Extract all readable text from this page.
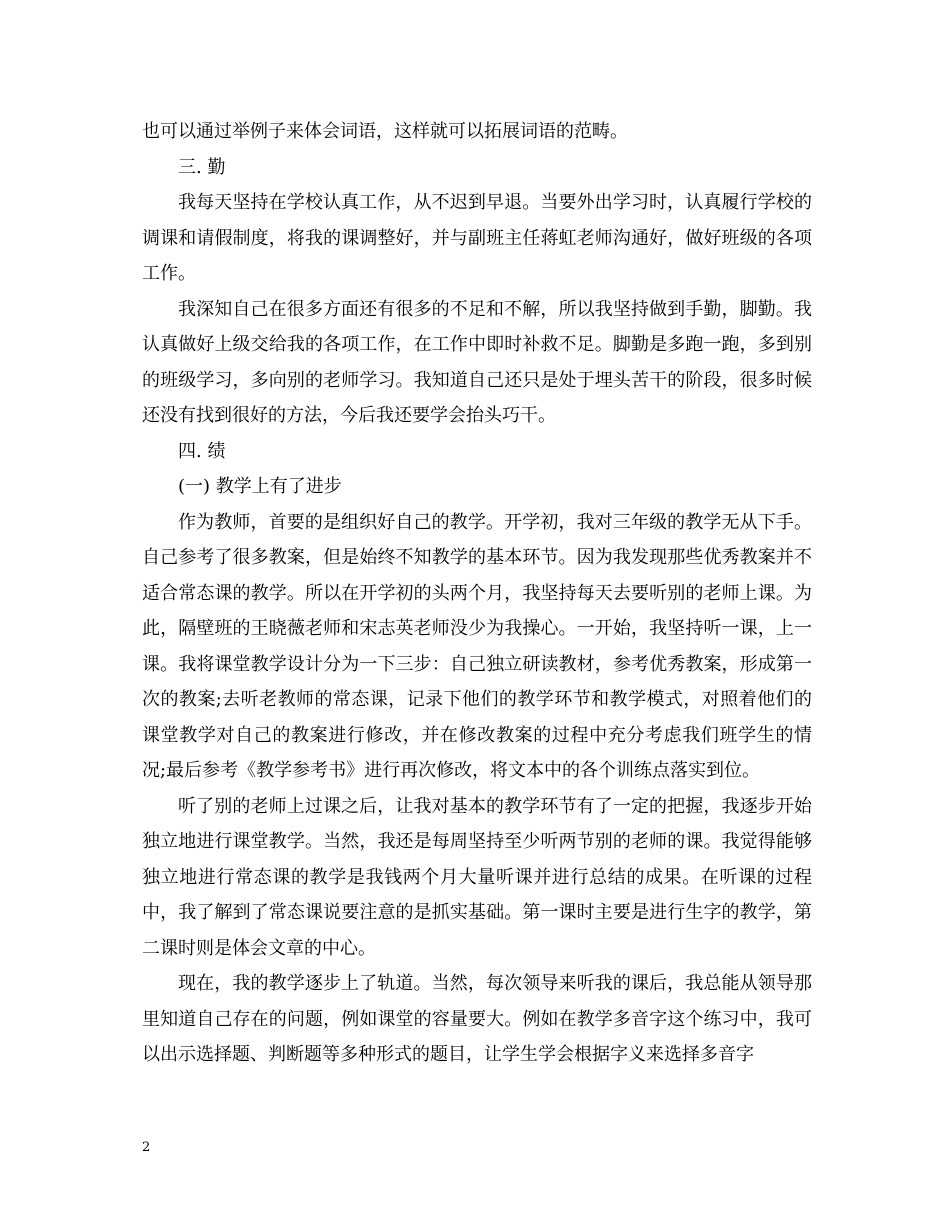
也可以通过举例子来体会词语，这样就可以拓展词语的范畴。

三. 勤

我每天坚持在学校认真工作，从不迟到早退。当要外出学习时，认真履行学校的调课和请假制度，将我的课调整好，并与副班主任蒋虹老师沟通好，做好班级的各项工作。

我深知自己在很多方面还有很多的不足和不解，所以我坚持做到手勤，脚勤。我认真做好上级交给我的各项工作，在工作中即时补救不足。脚勤是多跑一跑，多到别的班级学习，多向别的老师学习。我知道自己还只是处于埋头苦干的阶段，很多时候还没有找到很好的方法，今后我还要学会抬头巧干。

四. 绩

(一) 教学上有了进步

作为教师，首要的是组织好自己的教学。开学初，我对三年级的教学无从下手。自己参考了很多教案，但是始终不知教学的基本环节。因为我发现那些优秀教案并不适合常态课的教学。所以在开学初的头两个月，我坚持每天去要听别的老师上课。为此，隔壁班的王晓薇老师和宋志英老师没少为我操心。一开始，我坚持听一课，上一课。我将课堂教学设计分为一下三步：自己独立研读教材，参考优秀教案，形成第一次的教案;去听老教师的常态课，记录下他们的教学环节和教学模式，对照着他们的课堂教学对自己的教案进行修改，并在修改教案的过程中充分考虑我们班学生的情况;最后参考《教学参考书》进行再次修改，将文本中的各个训练点落实到位。

听了别的老师上过课之后，让我对基本的教学环节有了一定的把握，我逐步开始独立地进行课堂教学。当然，我还是每周坚持至少听两节别的老师的课。我觉得能够独立地进行常态课的教学是我钱两个月大量听课并进行总结的成果。在听课的过程中，我了解到了常态课说要注意的是抓实基础。第一课时主要是进行生字的教学，第二课时则是体会文章的中心。

现在，我的教学逐步上了轨道。当然，每次领导来听我的课后，我总能从领导那里知道自己存在的问题，例如课堂的容量要大。例如在教学多音字这个练习中，我可以出示选择题、判断题等多种形式的题目，让学生学会根据字义来选择多音字

2
